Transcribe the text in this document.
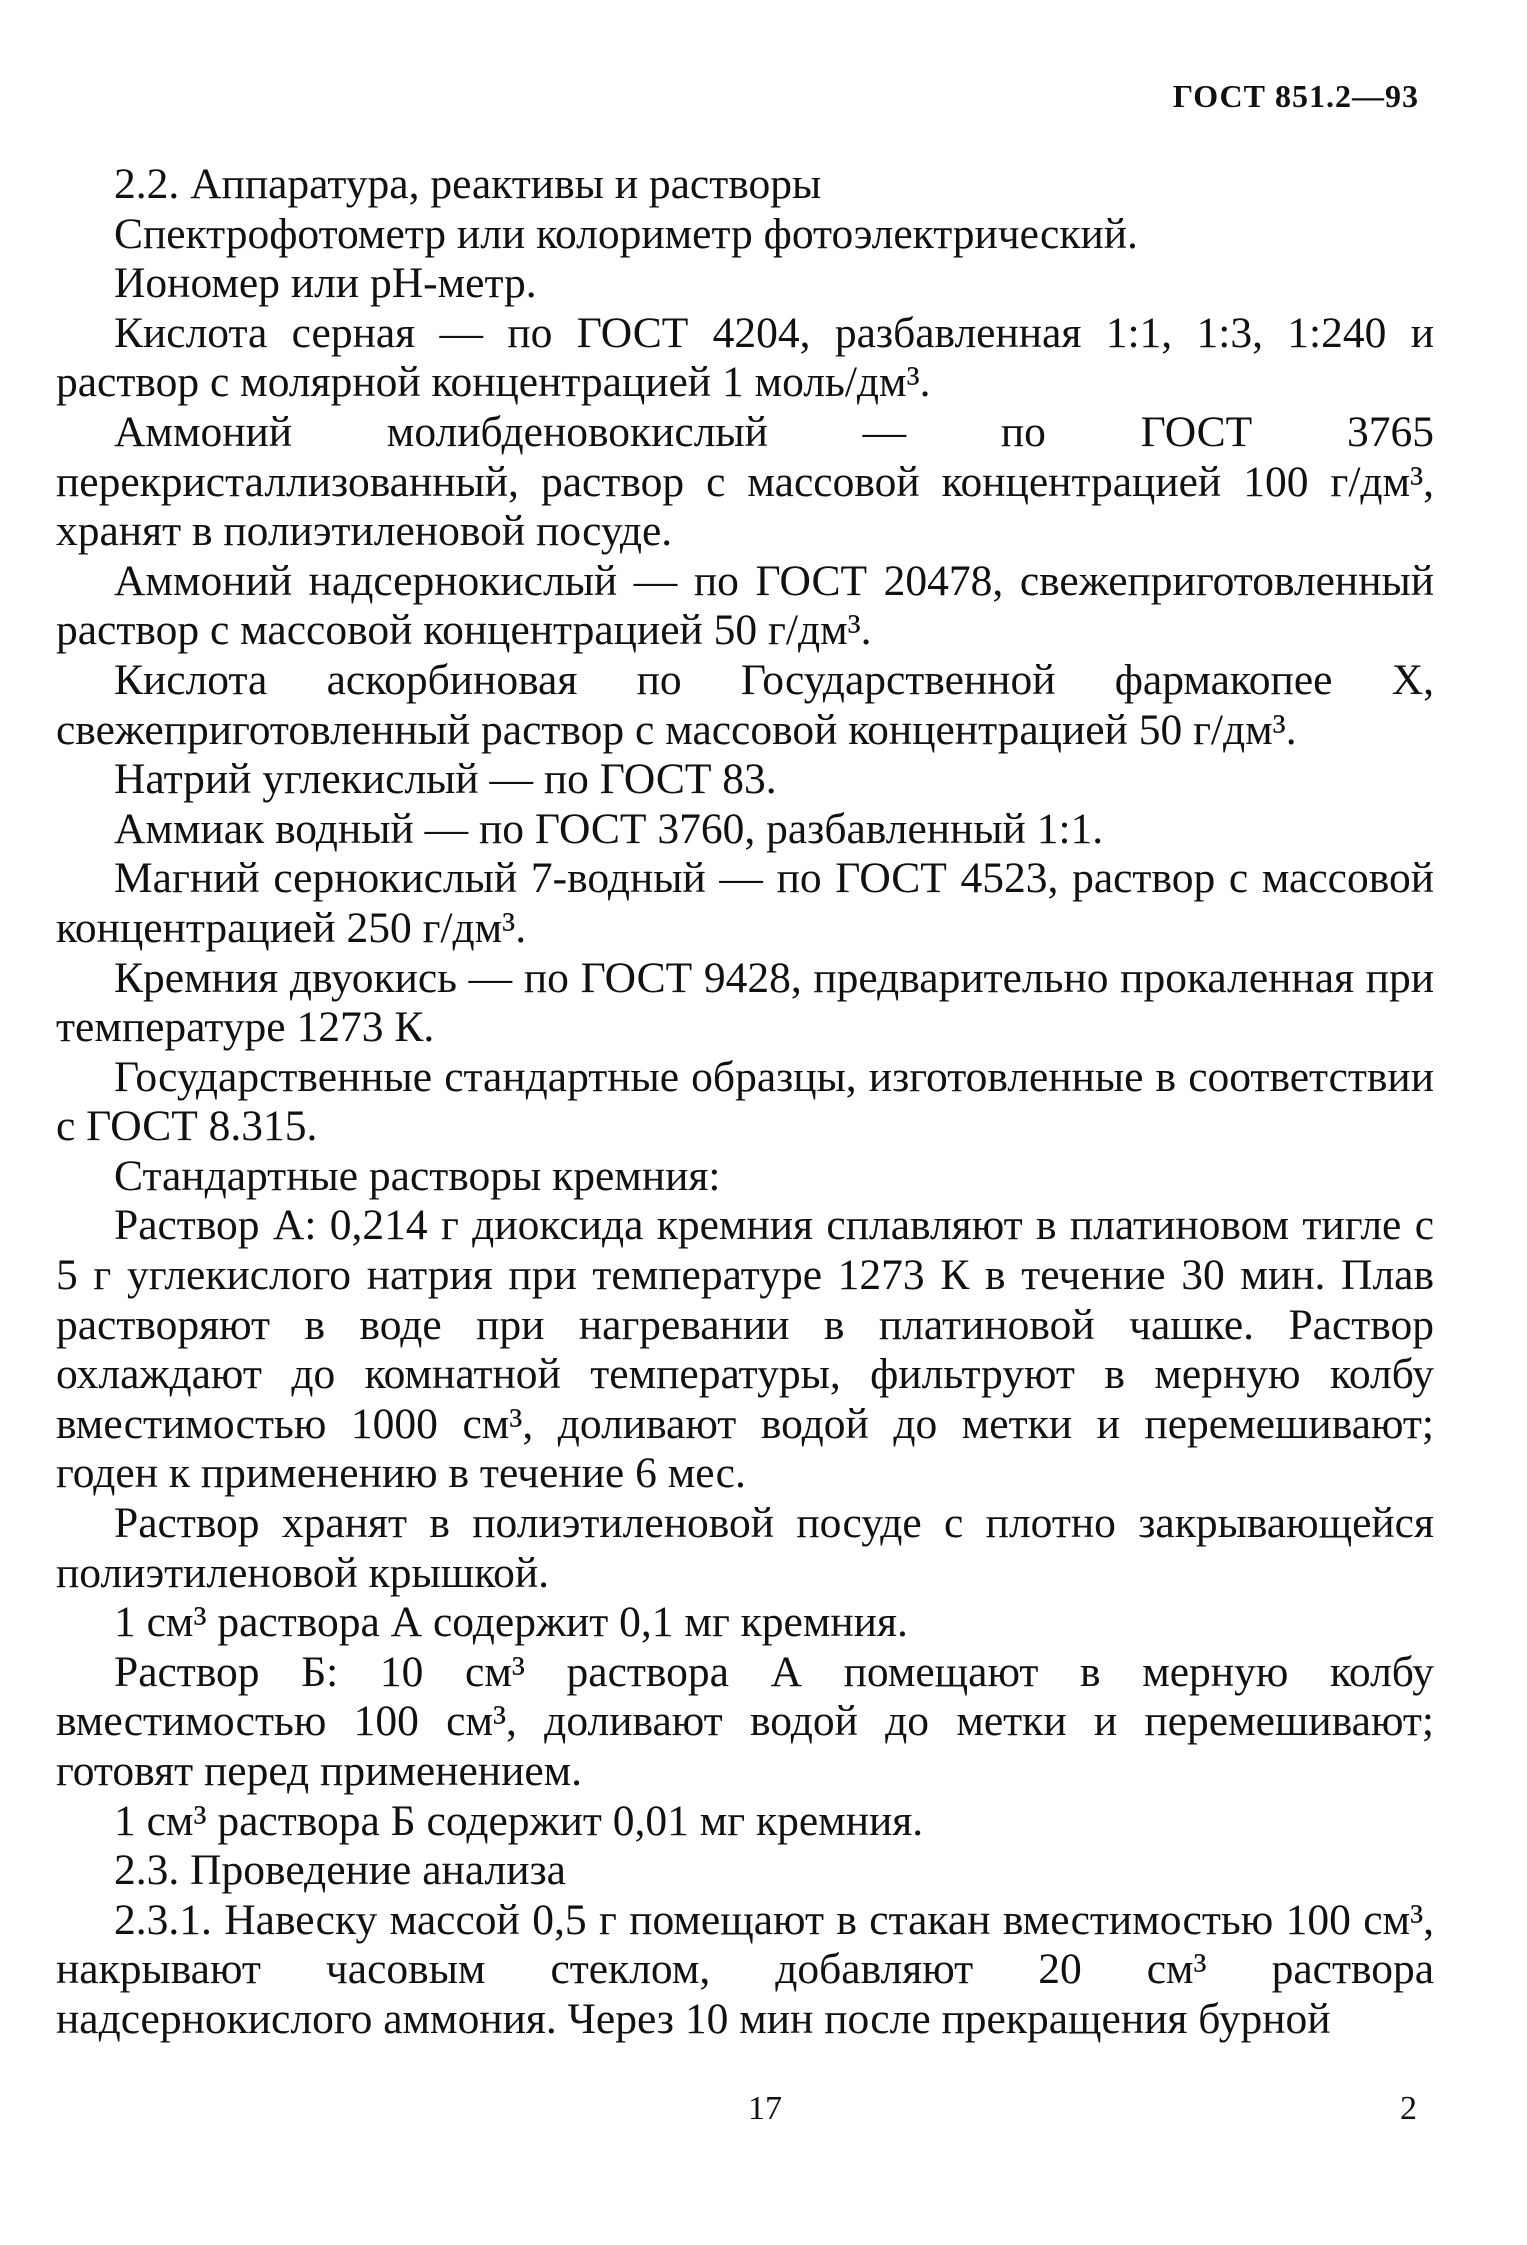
ГОСТ 851.2—93

2.2. Аппаратура, реактивы и растворы

Спектрофотометр или колориметр фотоэлектрический.

Иономер или pH-метр.

Кислота серная — по ГОСТ 4204, разбавленная 1:1, 1:3, 1:240 и раствор с молярной концентрацией 1 моль/дм³.

Аммоний молибденовокислый — по ГОСТ 3765 перекристаллизованный, раствор с массовой концентрацией 100 г/дм³, хранят в полиэтиленовой посуде.

Аммоний надсернокислый — по ГОСТ 20478, свежеприготовленный раствор с массовой концентрацией 50 г/дм³.

Кислота аскорбиновая по Государственной фармакопее X, свежеприготовленный раствор с массовой концентрацией 50 г/дм³.

Натрий углекислый — по ГОСТ 83.

Аммиак водный — по ГОСТ 3760, разбавленный 1:1.

Магний сернокислый 7-водный — по ГОСТ 4523, раствор с массовой концентрацией 250 г/дм³.

Кремния двуокись — по ГОСТ 9428, предварительно прокаленная при температуре 1273 К.

Государственные стандартные образцы, изготовленные в соответствии с ГОСТ 8.315.

Стандартные растворы кремния:

Раствор А: 0,214 г диоксида кремния сплавляют в платиновом тигле с 5 г углекислого натрия при температуре 1273 К в течение 30 мин. Плав растворяют в воде при нагревании в платиновой чашке. Раствор охлаждают до комнатной температуры, фильтруют в мерную колбу вместимостью 1000 см³, доливают водой до метки и перемешивают; годен к применению в течение 6 мес.

Раствор хранят в полиэтиленовой посуде с плотно закрывающейся полиэтиленовой крышкой.

1 см³ раствора А содержит 0,1 мг кремния.

Раствор Б: 10 см³ раствора А помещают в мерную колбу вместимостью 100 см³, доливают водой до метки и перемешивают; готовят перед применением.

1 см³ раствора Б содержит 0,01 мг кремния.

2.3. Проведение анализа

2.3.1. Навеску массой 0,5 г помещают в стакан вместимостью 100 см³, накрывают часовым стеклом, добавляют 20 см³ раствора надсернокислого аммония. Через 10 мин после прекращения бурной

17	2
